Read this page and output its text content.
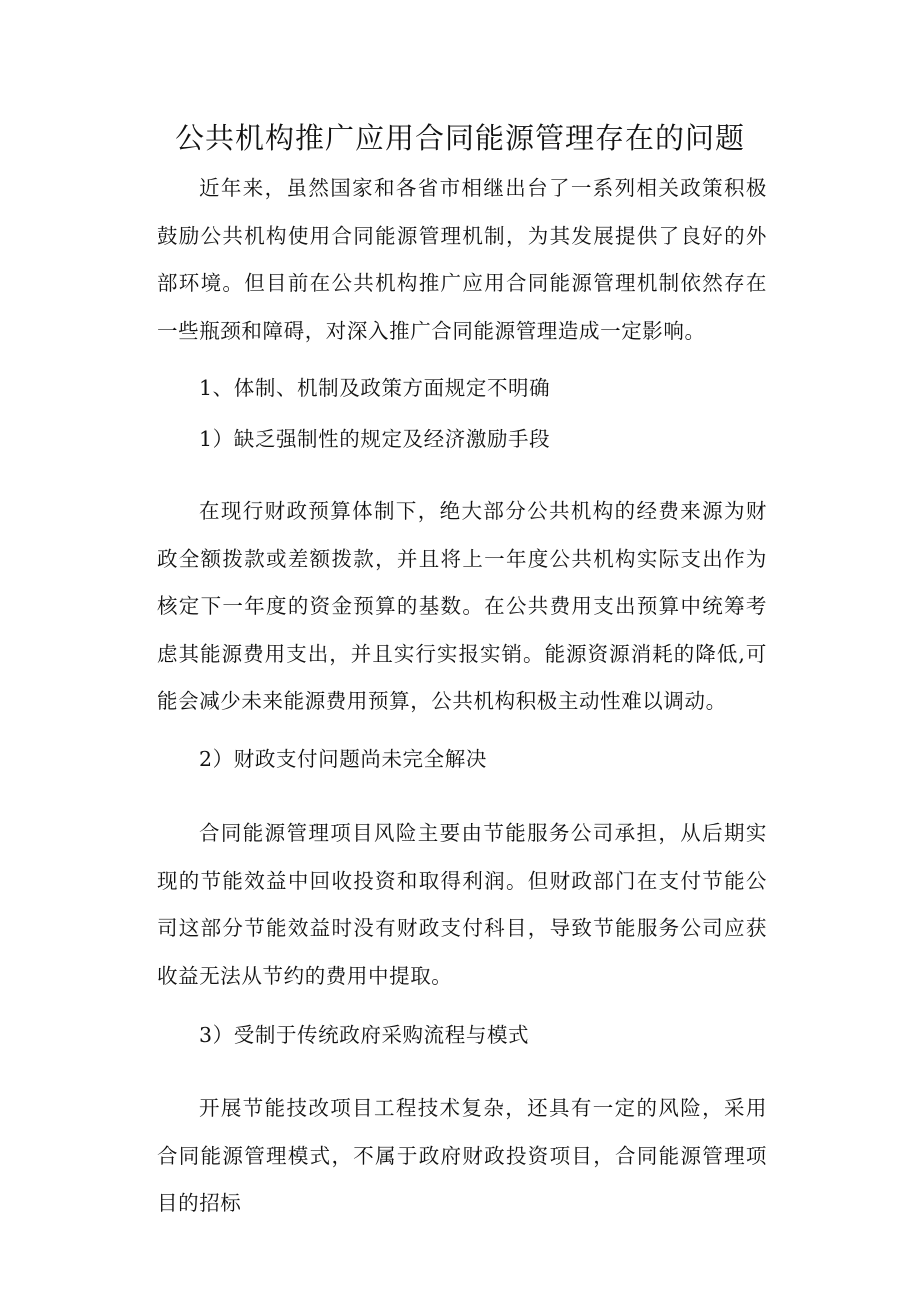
公共机构推广应用合同能源管理存在的问题

近年来，虽然国家和各省市相继出台了一系列相关政策积极鼓励公共机构使用合同能源管理机制，为其发展提供了良好的外部环境。但目前在公共机构推广应用合同能源管理机制依然存在一些瓶颈和障碍，对深入推广合同能源管理造成一定影响。

1、体制、机制及政策方面规定不明确

1）缺乏强制性的规定及经济激励手段

在现行财政预算体制下，绝大部分公共机构的经费来源为财政全额拨款或差额拨款，并且将上一年度公共机构实际支出作为核定下一年度的资金预算的基数。在公共费用支出预算中统筹考虑其能源费用支出，并且实行实报实销。能源资源消耗的降低,可能会减少未来能源费用预算，公共机构积极主动性难以调动。

2）财政支付问题尚未完全解决

合同能源管理项目风险主要由节能服务公司承担，从后期实现的节能效益中回收投资和取得利润。但财政部门在支付节能公司这部分节能效益时没有财政支付科目，导致节能服务公司应获收益无法从节约的费用中提取。

3）受制于传统政府采购流程与模式

开展节能技改项目工程技术复杂，还具有一定的风险，采用合同能源管理模式，不属于政府财政投资项目，合同能源管理项目的招标
